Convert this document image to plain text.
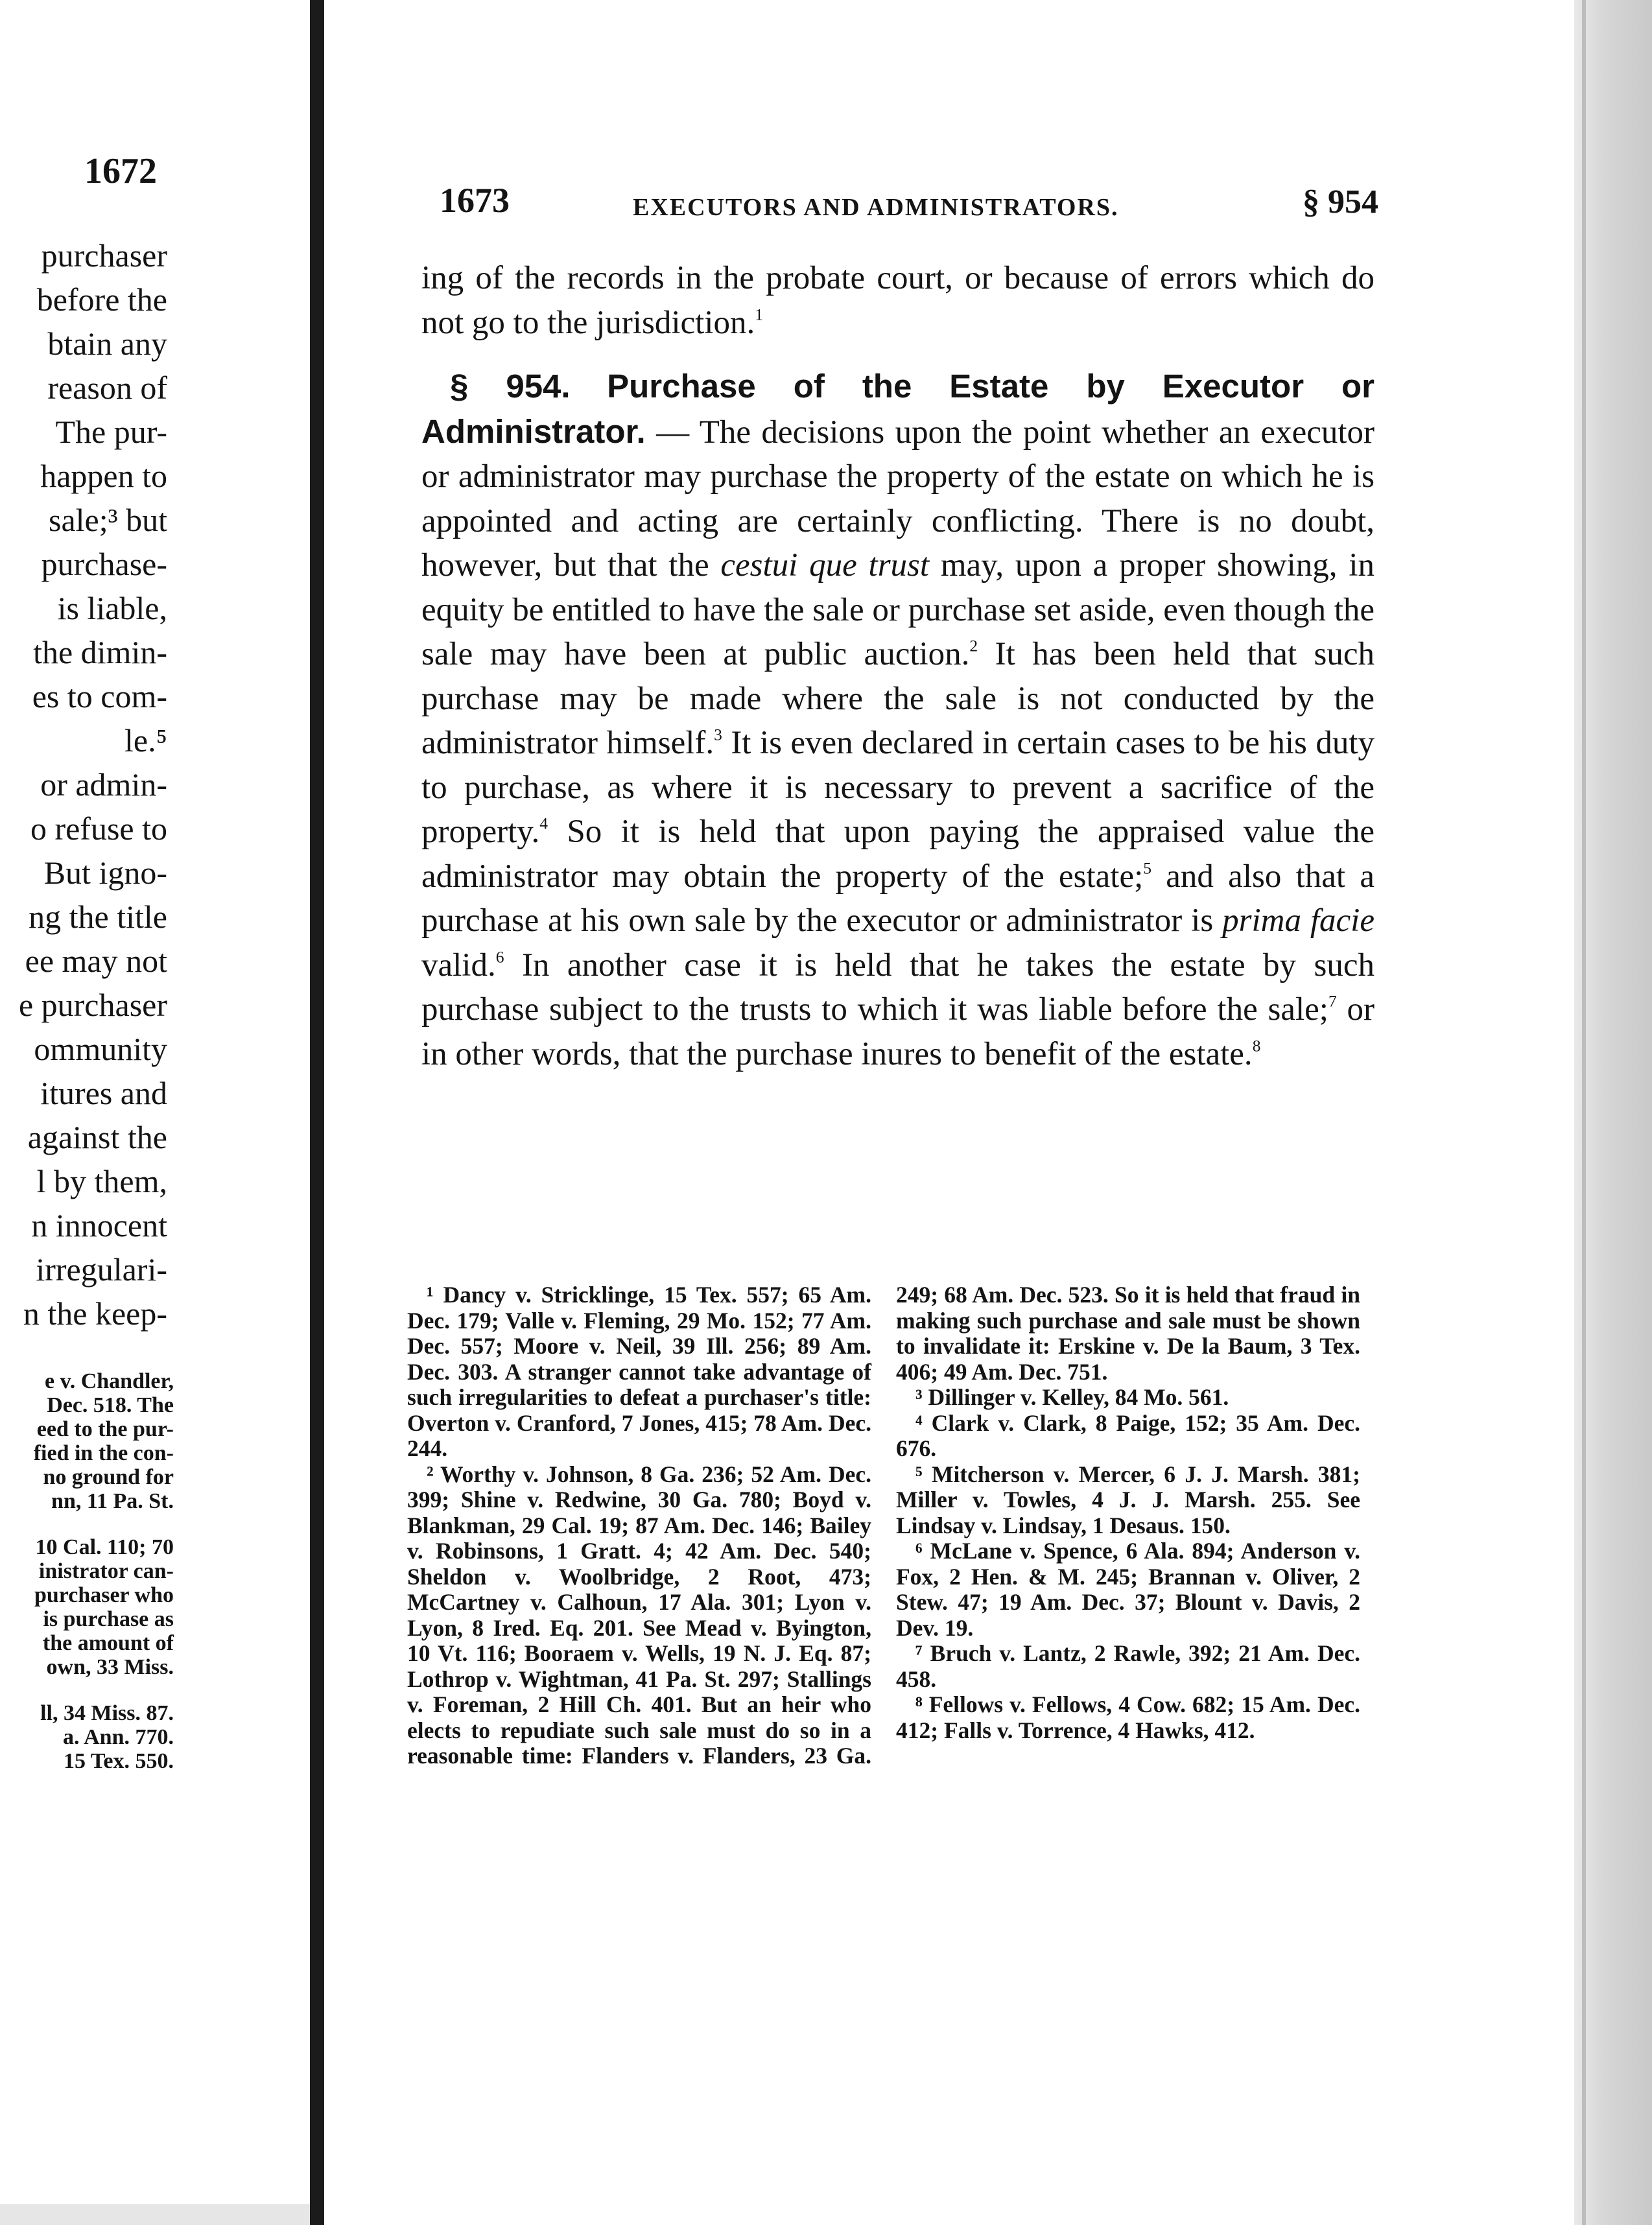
1672
purchaser
before the
btain any
reason of
The pur-
happen to
sale;³ but
purchase-
is liable,
the dimin-
es to com-
le.⁵
or admin-
o refuse to
But igno-
ng the title
ee may not
e purchaser
ommunity
itures and
against the
l by them,
n innocent
irregulari-
n the keep-
e v. Chandler,
Dec. 518. The
eed to the pur-
fied in the con-
no ground for
nn, 11 Pa. St.
10 Cal. 110; 70
inistrator can-
purchaser who
is purchase as
the amount of
own, 33 Miss.
ll, 34 Miss. 87.
a. Ann. 770.
15 Tex. 550.
1673	EXECUTORS AND ADMINISTRATORS.	§ 954

ing of the records in the probate court, or because of errors which do not go to the jurisdiction.$^1$

§ 954. Purchase of the Estate by Executor or Administrator. — The decisions upon the point whether an executor or administrator may purchase the property of the estate on which he is appointed and acting are certainly conflicting. There is no doubt, however, but that the cestui que trust may, upon a proper showing, in equity be entitled to have the sale or purchase set aside, even though the sale may have been at public auction.$^2$ It has been held that such purchase may be made where the sale is not conducted by the administrator himself.$^3$ It is even declared in certain cases to be his duty to purchase, as where it is necessary to prevent a sacrifice of the property.$^4$ So it is held that upon paying the appraised value the administrator may obtain the property of the estate;$^5$ and also that a purchase at his own sale by the executor or administrator is prima facie valid.$^6$ In another case it is held that he takes the estate by such purchase subject to the trusts to which it was liable before the sale;$^7$ or in other words, that the purchase inures to benefit of the estate.$^8$

¹ Dancy v. Stricklinge, 15 Tex. 557; 65 Am. Dec. 179; Valle v. Fleming, 29 Mo. 152; 77 Am. Dec. 557; Moore v. Neil, 39 Ill. 256; 89 Am. Dec. 303. A stranger cannot take advantage of such irregularities to defeat a purchaser's title: Overton v. Cranford, 7 Jones, 415; 78 Am. Dec. 244.

² Worthy v. Johnson, 8 Ga. 236; 52 Am. Dec. 399; Shine v. Redwine, 30 Ga. 780; Boyd v. Blankman, 29 Cal. 19; 87 Am. Dec. 146; Bailey v. Robinsons, 1 Gratt. 4; 42 Am. Dec. 540; Sheldon v. Woolbridge, 2 Root, 473; McCartney v. Calhoun, 17 Ala. 301; Lyon v. Lyon, 8 Ired. Eq. 201. See Mead v. Byington, 10 Vt. 116; Booraem v. Wells, 19 N. J. Eq. 87; Lothrop v. Wightman, 41 Pa. St. 297; Stallings v. Foreman, 2 Hill Ch. 401. But an heir who elects to repudiate such sale must do so in a reasonable time: Flanders v. Flanders, 23 Ga. 249; 68 Am. Dec. 523. So it is held that fraud in making such purchase and sale must be shown to invalidate it: Erskine v. De la Baum, 3 Tex. 406; 49 Am. Dec. 751.

³ Dillinger v. Kelley, 84 Mo. 561.

⁴ Clark v. Clark, 8 Paige, 152; 35 Am. Dec. 676.

⁵ Mitcherson v. Mercer, 6 J. J. Marsh. 381; Miller v. Towles, 4 J. J. Marsh. 255. See Lindsay v. Lindsay, 1 Desaus. 150.

⁶ McLane v. Spence, 6 Ala. 894; Anderson v. Fox, 2 Hen. & M. 245; Brannan v. Oliver, 2 Stew. 47; 19 Am. Dec. 37; Blount v. Davis, 2 Dev. 19.

⁷ Bruch v. Lantz, 2 Rawle, 392; 21 Am. Dec. 458.

⁸ Fellows v. Fellows, 4 Cow. 682; 15 Am. Dec. 412; Falls v. Torrence, 4 Hawks, 412.
